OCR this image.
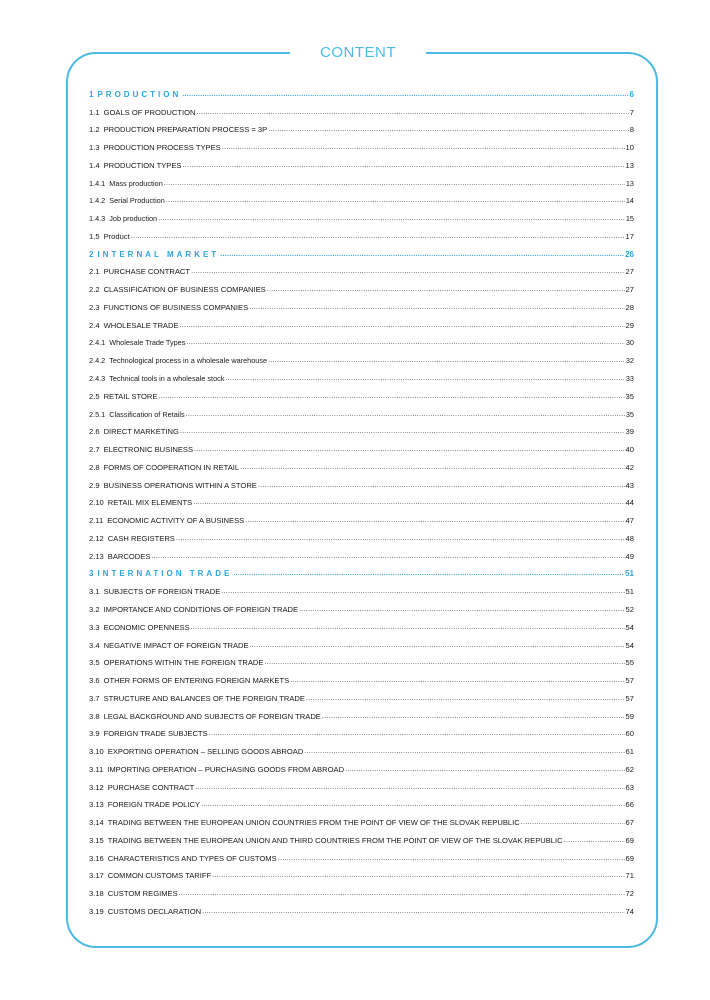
CONTENT
1 PRODUCTION .....	6
1.1 GOALS OF PRODUCTION .....	7
1.2 PRODUCTION PREPARATION PROCESS = 3P .....	8
1.3 PRODUCTION PROCESS TYPES .....	10
1.4 PRODUCTION TYPES .....	13
1.4.1 Mass production .....	13
1.4.2 Serial Production .....	14
1.4.3 Job production .....	15
1.5 Product .....	17
2 INTERNAL MARKET .....	26
2.1 PURCHASE CONTRACT .....	27
2.2 CLASSIFICATION OF BUSINESS COMPANIES .....	27
2.3 FUNCTIONS OF BUSINESS COMPANIES .....	28
2.4 WHOLESALE TRADE .....	29
2.4.1 Wholesale Trade Types .....	30
2.4.2 Technological process in a wholesale warehouse .....	32
2.4.3 Technical tools in a wholesale stock .....	33
2.5 RETAIL STORE .....	35
2.5.1 Classification of Retails .....	35
2.6 DIRECT MARKETING .....	39
2.7 ELECTRONIC BUSINESS .....	40
2.8 FORMS OF COOPERATION IN RETAIL .....	42
2.9 BUSINESS OPERATIONS WITHIN A STORE .....	43
2.10 RETAIL MIX ELEMENTS .....	44
2.11 ECONOMIC ACTIVITY OF A BUSINESS .....	47
2.12 CASH REGISTERS .....	48
2.13 BARCODES .....	49
3 INTERNATION TRADE .....	51
3.1 SUBJECTS OF FOREIGN TRADE .....	51
3.2 IMPORTANCE AND CONDITIONS OF FOREIGN TRADE .....	52
3.3 ECONOMIC OPENNESS .....	54
3.4 NEGATIVE IMPACT OF FOREIGN TRADE .....	54
3.5 OPERATIONS WITHIN THE FOREIGN TRADE .....	55
3.6 OTHER FORMS OF ENTERING FOREIGN MARKETS .....	57
3.7 STRUCTURE AND BALANCES OF THE FOREIGN TRADE .....	57
3.8 LEGAL BACKGROUND AND SUBJECTS OF FOREIGN TRADE .....	59
3.9 FOREIGN TRADE SUBJECTS .....	60
3.10 EXPORTING OPERATION – SELLING GOODS ABROAD .....	61
3.11 IMPORTING OPERATION – PURCHASING GOODS FROM ABROAD .....	62
3.12 PURCHASE CONTRACT .....	63
3.13 FOREIGN TRADE POLICY .....	66
3.14 TRADING BETWEEN THE EUROPEAN UNION COUNTRIES FROM THE POINT OF VIEW OF THE SLOVAK REPUBLIC .....	67
3.15 TRADING BETWEEN THE EUROPEAN UNION AND THIRD COUNTRIES FROM THE POINT OF VIEW OF THE SLOVAK REPUBLIC .....	69
3.16 CHARACTERISTICS AND TYPES OF CUSTOMS .....	69
3.17 COMMON CUSTOMS TARIFF .....	71
3.18 CUSTOM REGIMES .....	72
3.19 CUSTOMS DECLARATION .....	74
